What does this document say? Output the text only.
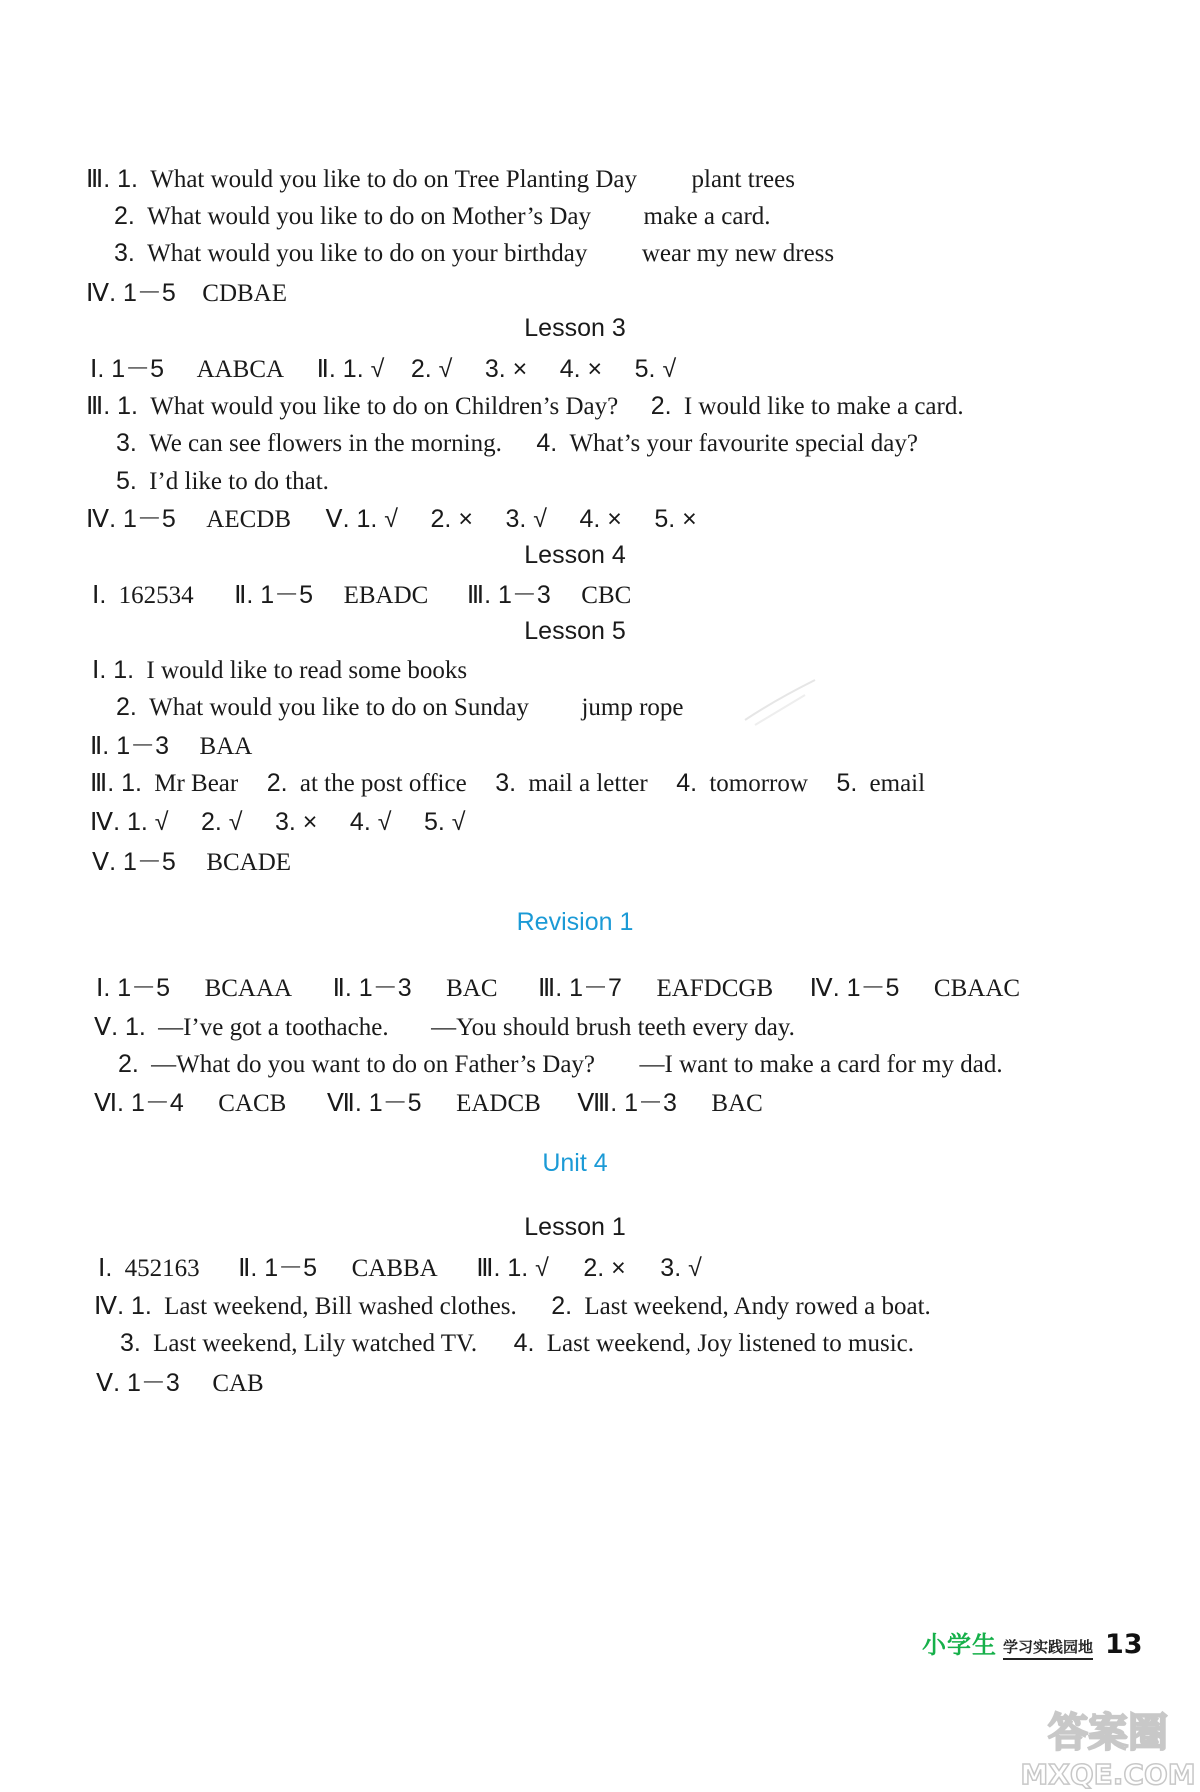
Ⅲ. 1. What would you like to do on Tree Planting Day plant trees
2. What would you like to do on Mother’s Day make a card.
3. What would you like to do on your birthday wear my new dress
Ⅳ. 1－5 CDBAE
Lesson 3
Ⅰ. 1－5 AABCA Ⅱ. 1. √ 2. √ 3. × 4. × 5. √
Ⅲ. 1. What would you like to do on Children’s Day? 2. I would like to make a card.
3. We can see flowers in the morning. 4. What’s your favourite special day?
5. I’d like to do that.
Ⅳ. 1－5 AECDB Ⅴ. 1. √ 2. × 3. √ 4. × 5. ×
Lesson 4
Ⅰ. 162534 Ⅱ. 1－5 EBADC Ⅲ. 1－3 CBC
Lesson 5
Ⅰ. 1. I would like to read some books
2. What would you like to do on Sunday jump rope
Ⅱ. 1－3 BAA
Ⅲ. 1. Mr Bear 2. at the post office 3. mail a letter 4. tomorrow 5. email
Ⅳ. 1. √ 2. √ 3. × 4. √ 5. √
Ⅴ. 1－5 BCADE
Revision 1
Ⅰ. 1－5 BCAAA Ⅱ. 1－3 BAC Ⅲ. 1－7 EAFDCGB Ⅳ. 1－5 CBAAC
Ⅴ. 1. —I’ve got a toothache. —You should brush teeth every day.
2. —What do you want to do on Father’s Day? —I want to make a card for my dad.
Ⅵ. 1－4 CACB Ⅶ. 1－5 EADCB Ⅷ. 1－3 BAC
Unit 4
Lesson 1
Ⅰ. 452163 Ⅱ. 1－5 CABBA Ⅲ. 1. √ 2. × 3. √
Ⅳ. 1. Last weekend, Bill washed clothes. 2. Last weekend, Andy rowed a boat.
3. Last weekend, Lily watched TV. 4. Last weekend, Joy listened to music.
Ⅴ. 1－3 CAB
小学生 学习实践园地 13
答案圈
MXQE.COM
